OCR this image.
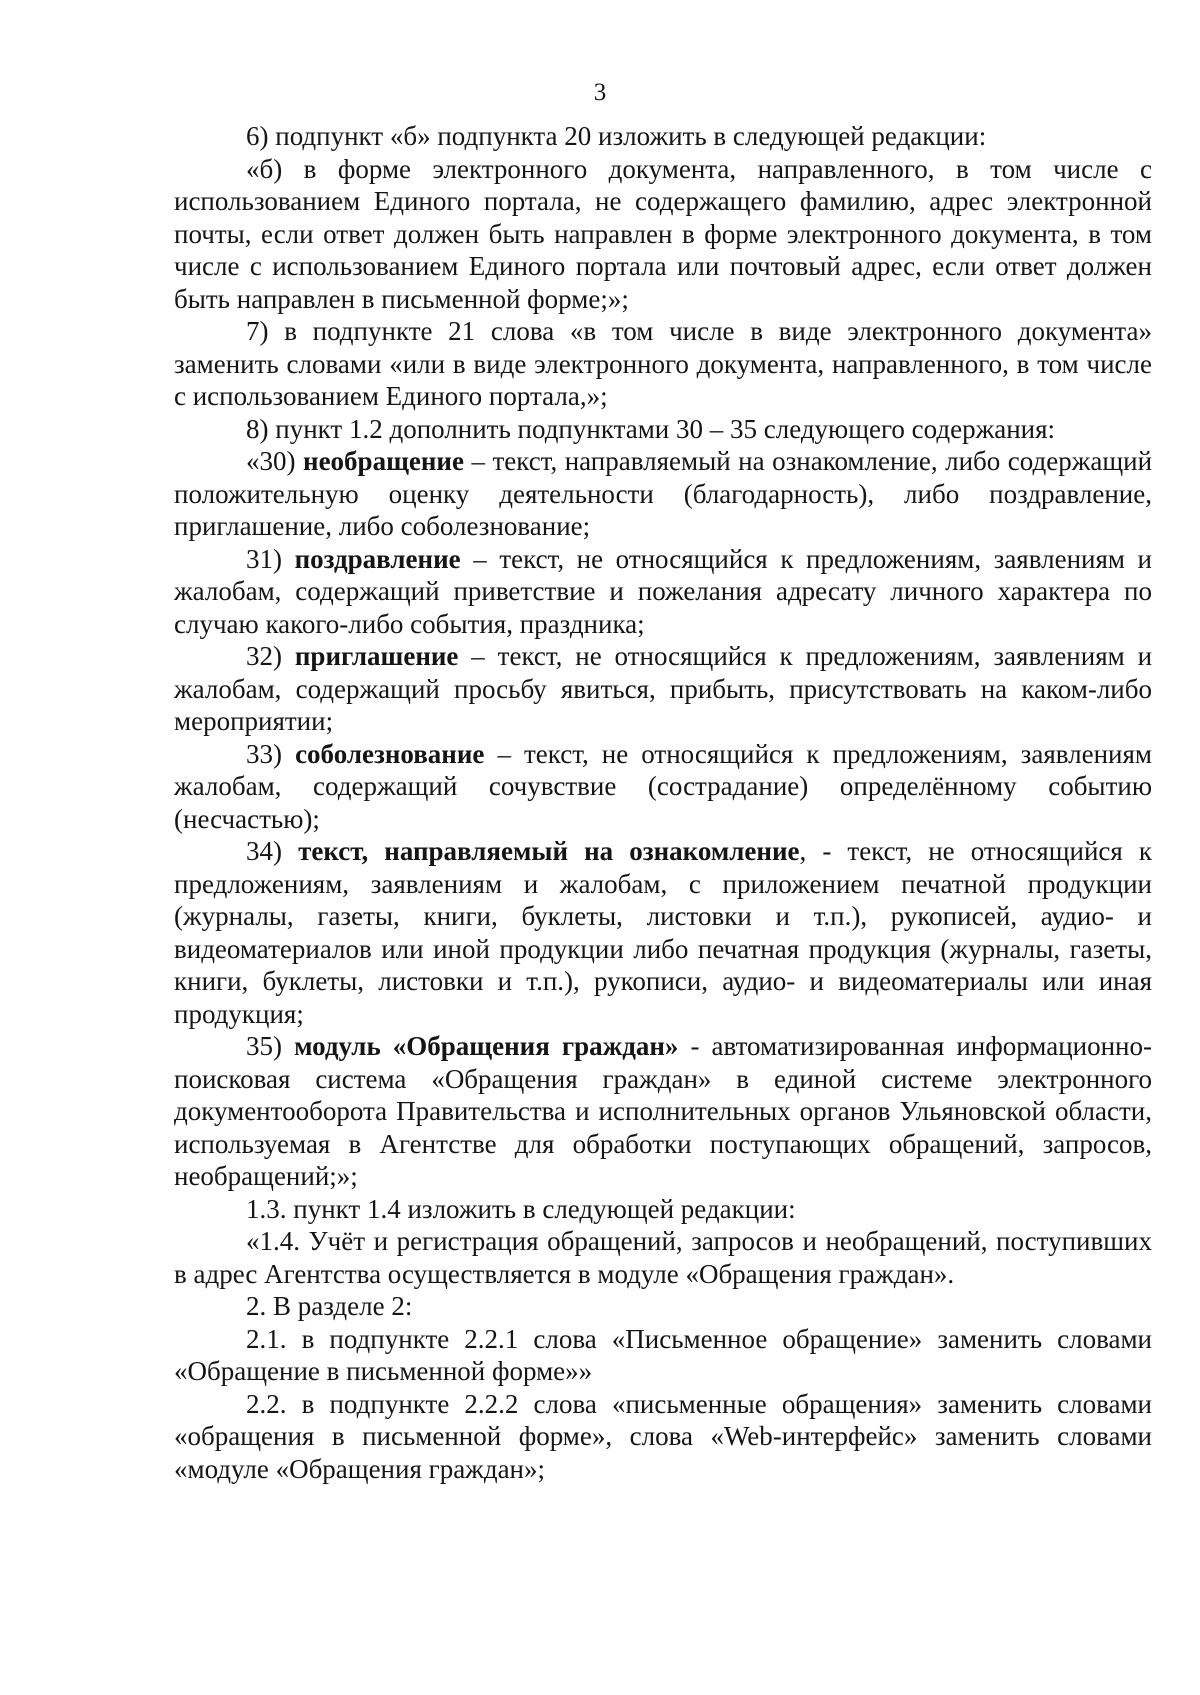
3

6) подпункт «б» подпункта 20 изложить в следующей редакции:

«б) в форме электронного документа, направленного, в том числе с использованием Единого портала, не содержащего фамилию, адрес электронной почты, если ответ должен быть направлен в форме электронного документа, в том числе с использованием Единого портала или почтовый адрес, если ответ должен быть направлен в письменной форме;»;

7) в подпункте 21 слова «в том числе в виде электронного документа» заменить словами «или в виде электронного документа, направленного, в том числе с использованием Единого портала,»;

8) пункт 1.2 дополнить подпунктами 30 – 35 следующего содержания:

«30) необращение – текст, направляемый на ознакомление, либо содержащий положительную оценку деятельности (благодарность), либо поздравление, приглашение, либо соболезнование;

31) поздравление – текст, не относящийся к предложениям, заявлениям и жалобам, содержащий приветствие и пожелания адресату личного характера по случаю какого-либо события, праздника;

32) приглашение – текст, не относящийся к предложениям, заявлениям и жалобам, содержащий просьбу явиться, прибыть, присутствовать на каком-либо мероприятии;

33) соболезнование – текст, не относящийся к предложениям, заявлениям жалобам, содержащий сочувствие (сострадание) определённому событию (несчастью);

34) текст, направляемый на ознакомление, - текст, не относящийся к предложениям, заявлениям и жалобам, с приложением печатной продукции (журналы, газеты, книги, буклеты, листовки и т.п.), рукописей, аудио- и видеоматериалов или иной продукции либо печатная продукция (журналы, газеты, книги, буклеты, листовки и т.п.), рукописи, аудио- и видеоматериалы или иная продукция;

35) модуль «Обращения граждан» - автоматизированная информационно-поисковая система «Обращения граждан» в единой системе электронного документооборота Правительства и исполнительных органов Ульяновской области, используемая в Агентстве для обработки поступающих обращений, запросов, необращений;»;

1.3. пункт 1.4 изложить в следующей редакции:

«1.4. Учёт и регистрация обращений, запросов и необращений, поступивших в адрес Агентства осуществляется в модуле «Обращения граждан».

2. В разделе 2:

2.1. в подпункте 2.2.1 слова «Письменное обращение» заменить словами «Обращение в письменной форме»»

2.2. в подпункте 2.2.2 слова «письменные обращения» заменить словами «обращения в письменной форме», слова «Web-интерфейс» заменить словами «модуле «Обращения граждан»;
